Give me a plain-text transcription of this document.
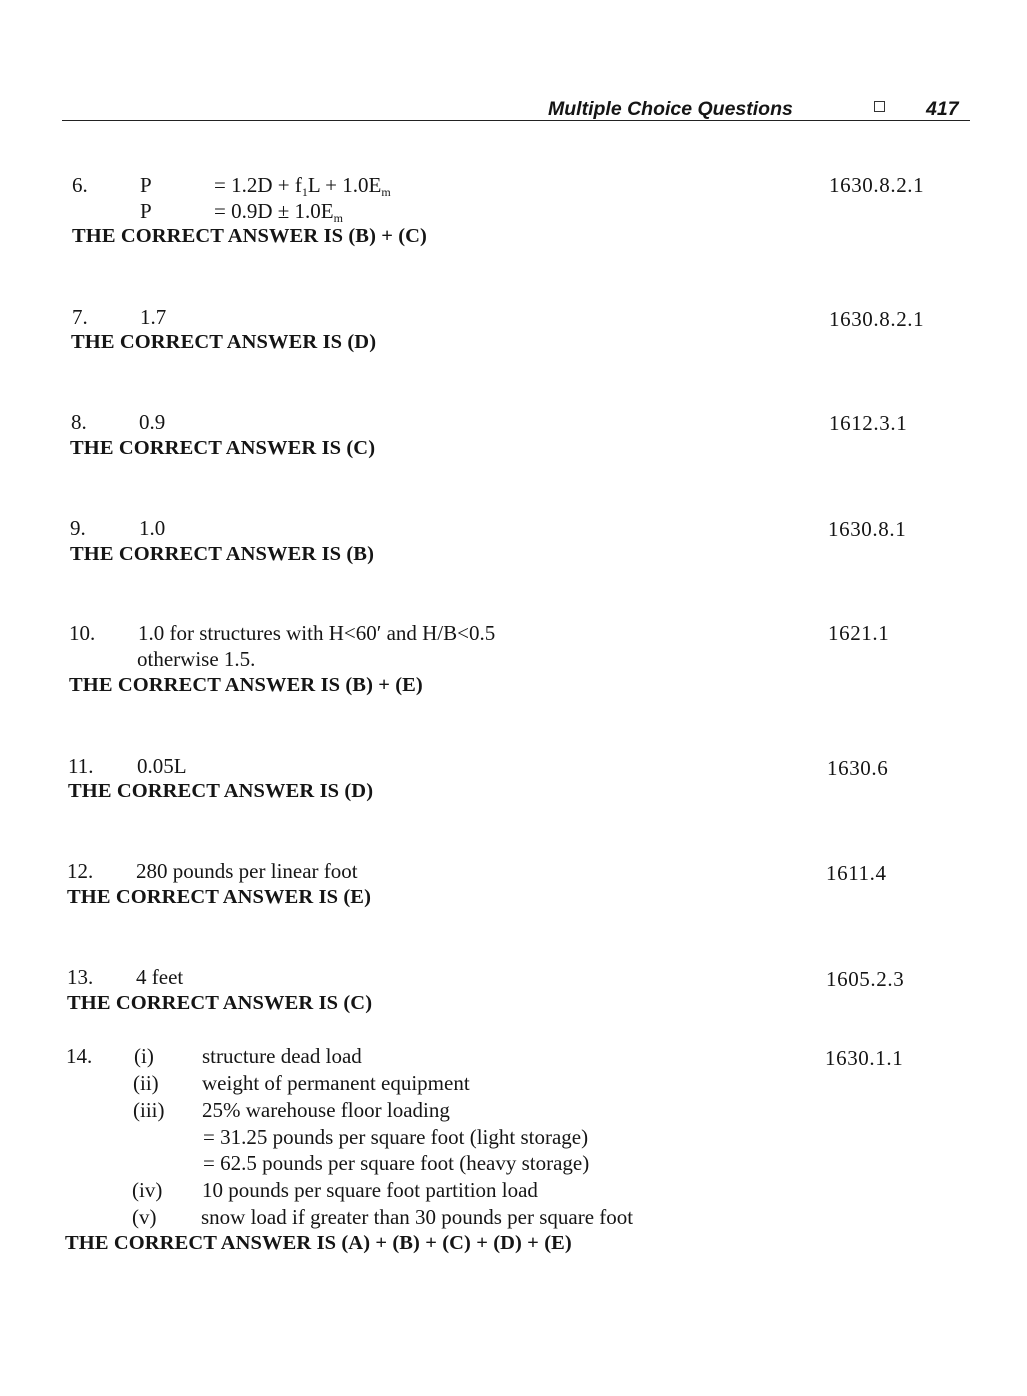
Multiple Choice Questions	417
6. P	= $1.2D + f_1L + 1.0E_m$
P	= $0.9D \pm 1.0E_m$
THE CORRECT ANSWER IS (B) + (C)
1630.8.2.1
7. 1.7
THE CORRECT ANSWER IS (D)
1630.8.2.1
8. 0.9
THE CORRECT ANSWER IS (C)
1612.3.1
9.	1.0
THE CORRECT ANSWER IS (B)
1630.8.1
10. 1.0 for structures with H<60′ and H/B<0.5
otherwise 1.5.
THE CORRECT ANSWER IS (B) + (E)
1621.1
11. 0.05L
THE CORRECT ANSWER IS (D)
1630.6
12. 280 pounds per linear foot
THE CORRECT ANSWER IS (E)
1611.4
13. 4 feet
THE CORRECT ANSWER IS (C)
1605.2.3
14. (i) structure dead load
(ii) weight of permanent equipment
(iii) 25% warehouse floor loading
= 31.25 pounds per square foot (light storage)
= 62.5 pounds per square foot (heavy storage)
(iv) 10 pounds per square foot partition load
(v) snow load if greater than 30 pounds per square foot
THE CORRECT ANSWER IS (A) + (B) + (C) + (D) + (E)
1630.1.1
